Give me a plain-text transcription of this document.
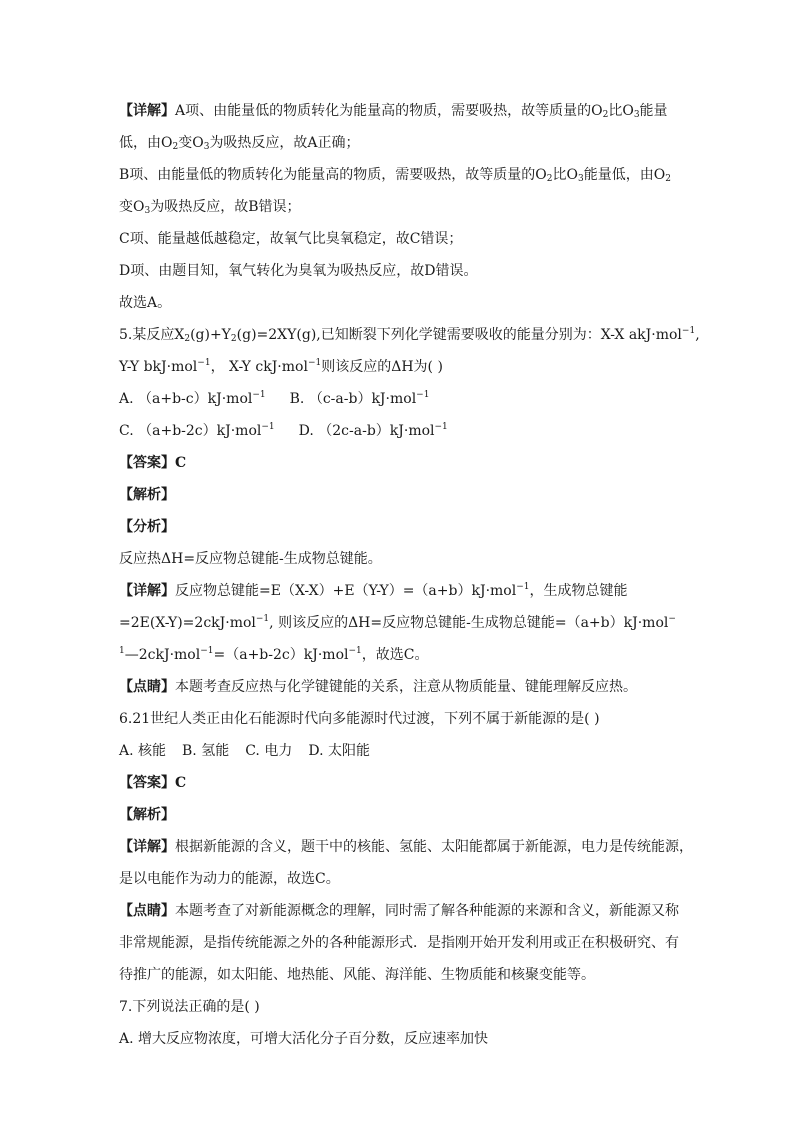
【详解】A项、由能量低的物质转化为能量高的物质，需要吸热，故等质量的$O_2$比$O_3$能量
低，由$O_2$变$O_3$为吸热反应，故A正确；
B项、由能量低的物质转化为能量高的物质，需要吸热，故等质量的$O_2$比$O_3$能量低，由$O_2$
变$O_3$为吸热反应，故B错误；
C项、能量越低越稳定，故氧气比臭氧稳定，故C错误；
D项、由题目知，氧气转化为臭氧为吸热反应，故D错误。
故选A。
5.某反应$X_2(g)+Y_2(g)=2XY(g)$,已知断裂下列化学键需要吸收的能量分别为：X-X akJ·mol$^{-1}$,
Y-Y bkJ·mol$^{-1}$， X-Y ckJ·mol$^{-1}$则该反应的ΔH为( )
A. （a+b-c）kJ·mol$^{-1}$ B. （c-a-b）kJ·mol$^{-1}$
C. （a+b-2c）kJ·mol$^{-1}$ D. （2c-a-b）kJ·mol$^{-1}$
【答案】C
【解析】
【分析】
反应热ΔH=反应物总键能-生成物总键能。
【详解】反应物总键能=E（X-X）+E（Y-Y）=（a+b）kJ·mol$^{-1}$，生成物总键能
=2E(X-Y)=2ckJ·mol$^{-1}$, 则该反应的ΔH=反应物总键能-生成物总键能=（a+b）kJ·mol−
$^1$—2ckJ·mol$^{-1}$=（a+b-2c）kJ·mol$^{-1}$，故选C。
【点睛】本题考查反应热与化学键键能的关系，注意从物质能量、键能理解反应热。
6.21世纪人类正由化石能源时代向多能源时代过渡，下列不属于新能源的是( )
A. 核能 B. 氢能 C. 电力 D. 太阳能
【答案】C
【解析】
【详解】根据新能源的含义，题干中的核能、氢能、太阳能都属于新能源，电力是传统能源，
是以电能作为动力的能源，故选C。
【点睛】本题考查了对新能源概念的理解，同时需了解各种能源的来源和含义，新能源又称
非常规能源，是指传统能源之外的各种能源形式．是指刚开始开发利用或正在积极研究、有
待推广的能源，如太阳能、地热能、风能、海洋能、生物质能和核聚变能等。
7.下列说法正确的是( )
A. 增大反应物浓度，可增大活化分子百分数，反应速率加快
